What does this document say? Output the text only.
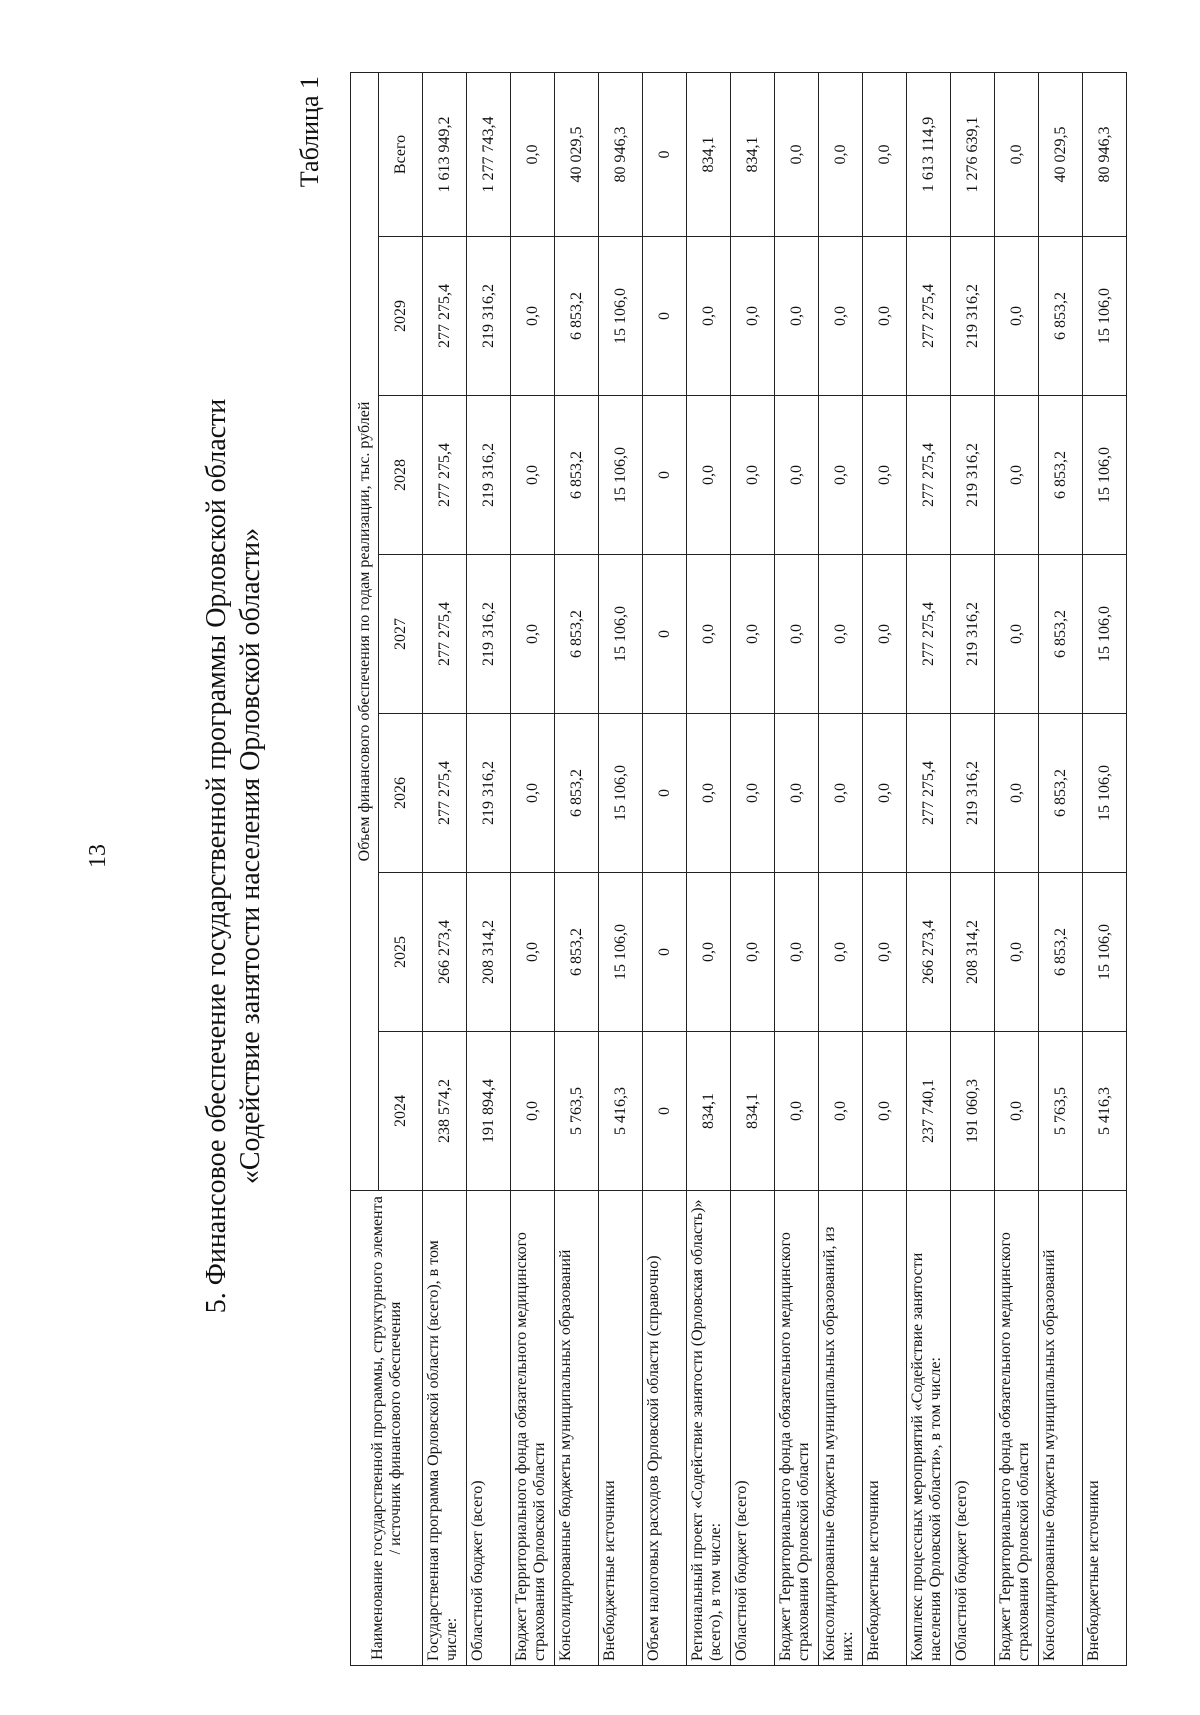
13	5. Финансовое обеспечение государственной программы Орловской области «Содействие занятости населения Орловской области»
Таблица 1
Наименование государственной программы, структурного элемента / источник финансового обеспечения	Объем финансового обеспечения по годам реализации, тыс. рублей						
	2024	2025	2026	2027	2028	2029	Всего
Государственная программа Орловской области (всего), в том числе:	238 574,2	266 273,4	277 275,4	277 275,4	277 275,4	277 275,4	1 613 949,2
Областной бюджет (всего)	191 894,4	208 314,2	219 316,2	219 316,2	219 316,2	219 316,2	1 277 743,4
Бюджет Территориального фонда обязательного медицинского страхования Орловской области	0,0	0,0	0,0	0,0	0,0	0,0	0,0
Консолидированные бюджеты муниципальных образований	5 763,5	6 853,2	6 853,2	6 853,2	6 853,2	6 853,2	40 029,5
Внебюджетные источники	5 416,3	15 106,0	15 106,0	15 106,0	15 106,0	15 106,0	80 946,3
Объем налоговых расходов Орловской области (справочно)	0	0	0	0	0	0	0
Региональный проект «Содействие занятости (Орловская область)» (всего), в том числе:	834,1	0,0	0,0	0,0	0,0	0,0	834,1
Областной бюджет (всего)	834,1	0,0	0,0	0,0	0,0	0,0	834,1
Бюджет Территориального фонда обязательного медицинского страхования Орловской области	0,0	0,0	0,0	0,0	0,0	0,0	0,0
Консолидированные бюджеты муниципальных образований, из них:	0,0	0,0	0,0	0,0	0,0	0,0	0,0
Внебюджетные источники	0,0	0,0	0,0	0,0	0,0	0,0	0,0
Комплекс процессных мероприятий «Содействие занятости населения Орловской области», в том числе:	237 740,1	266 273,4	277 275,4	277 275,4	277 275,4	277 275,4	1 613 114,9
Областной бюджет (всего)	191 060,3	208 314,2	219 316,2	219 316,2	219 316,2	219 316,2	1 276 639,1
Бюджет Территориального фонда обязательного медицинского страхования Орловской области	0,0	0,0	0,0	0,0	0,0	0,0	0,0
Консолидированные бюджеты муниципальных образований	5 763,5	6 853,2	6 853,2	6 853,2	6 853,2	6 853,2	40 029,5
Внебюджетные источники	5 416,3	15 106,0	15 106,0	15 106,0	15 106,0	15 106,0	80 946,3
